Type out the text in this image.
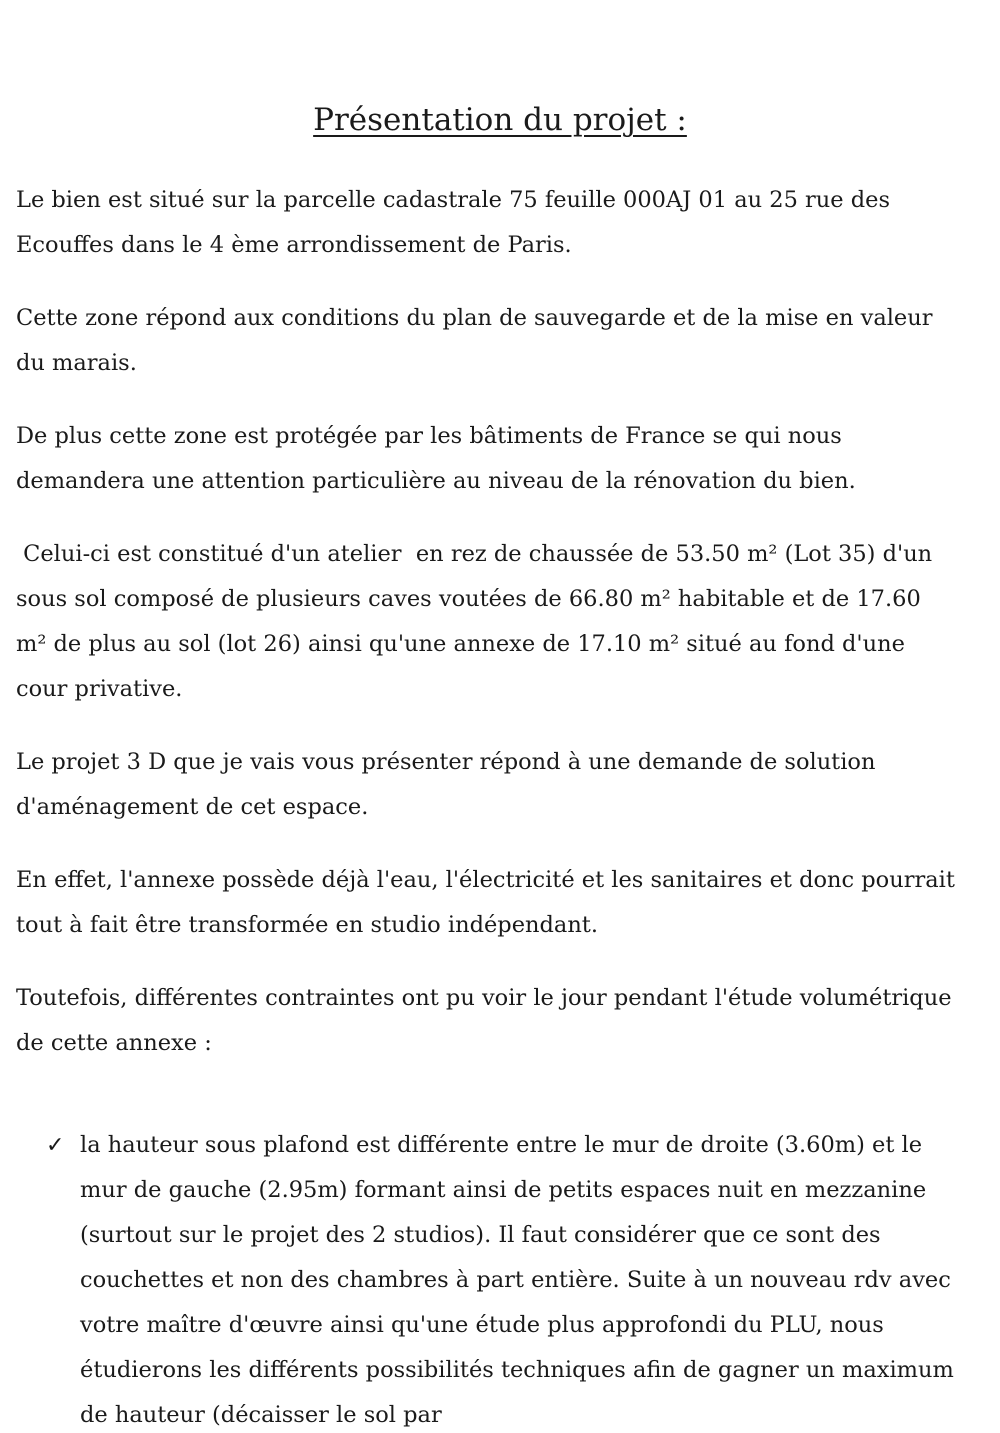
Présentation du projet :

Le bien est situé sur la parcelle cadastrale 75 feuille 000AJ 01 au 25 rue des Ecouffes dans le 4 ème arrondissement de Paris.

Cette zone répond aux conditions du plan de sauvegarde et de la mise en valeur du marais.

De plus cette zone est protégée par les bâtiments de France se qui nous demandera une attention particulière au niveau de la rénovation du bien.

Celui-ci est constitué d'un atelier  en rez de chaussée de 53.50 m² (Lot 35) d'un sous sol composé de plusieurs caves voutées de 66.80 m² habitable et de 17.60 m² de plus au sol (lot 26) ainsi qu'une annexe de 17.10 m² situé au fond d'une cour privative.

Le projet 3 D que je vais vous présenter répond à une demande de solution d'aménagement de cet espace.

En effet, l'annexe possède déjà l'eau, l'électricité et les sanitaires et donc pourrait tout à fait être transformée en studio indépendant.

Toutefois, différentes contraintes ont pu voir le jour pendant l'étude volumétrique de cette annexe :

✓ la hauteur sous plafond est différente entre le mur de droite (3.60m) et le mur de gauche (2.95m) formant ainsi de petits espaces nuit en mezzanine (surtout sur le projet des 2 studios). Il faut considérer que ce sont des couchettes et non des chambres à part entière. Suite à un nouveau rdv avec votre maître d'œuvre ainsi qu'une étude plus approfondi du PLU, nous étudierons les différents possibilités techniques afin de gagner un maximum de hauteur (décaisser le sol par
